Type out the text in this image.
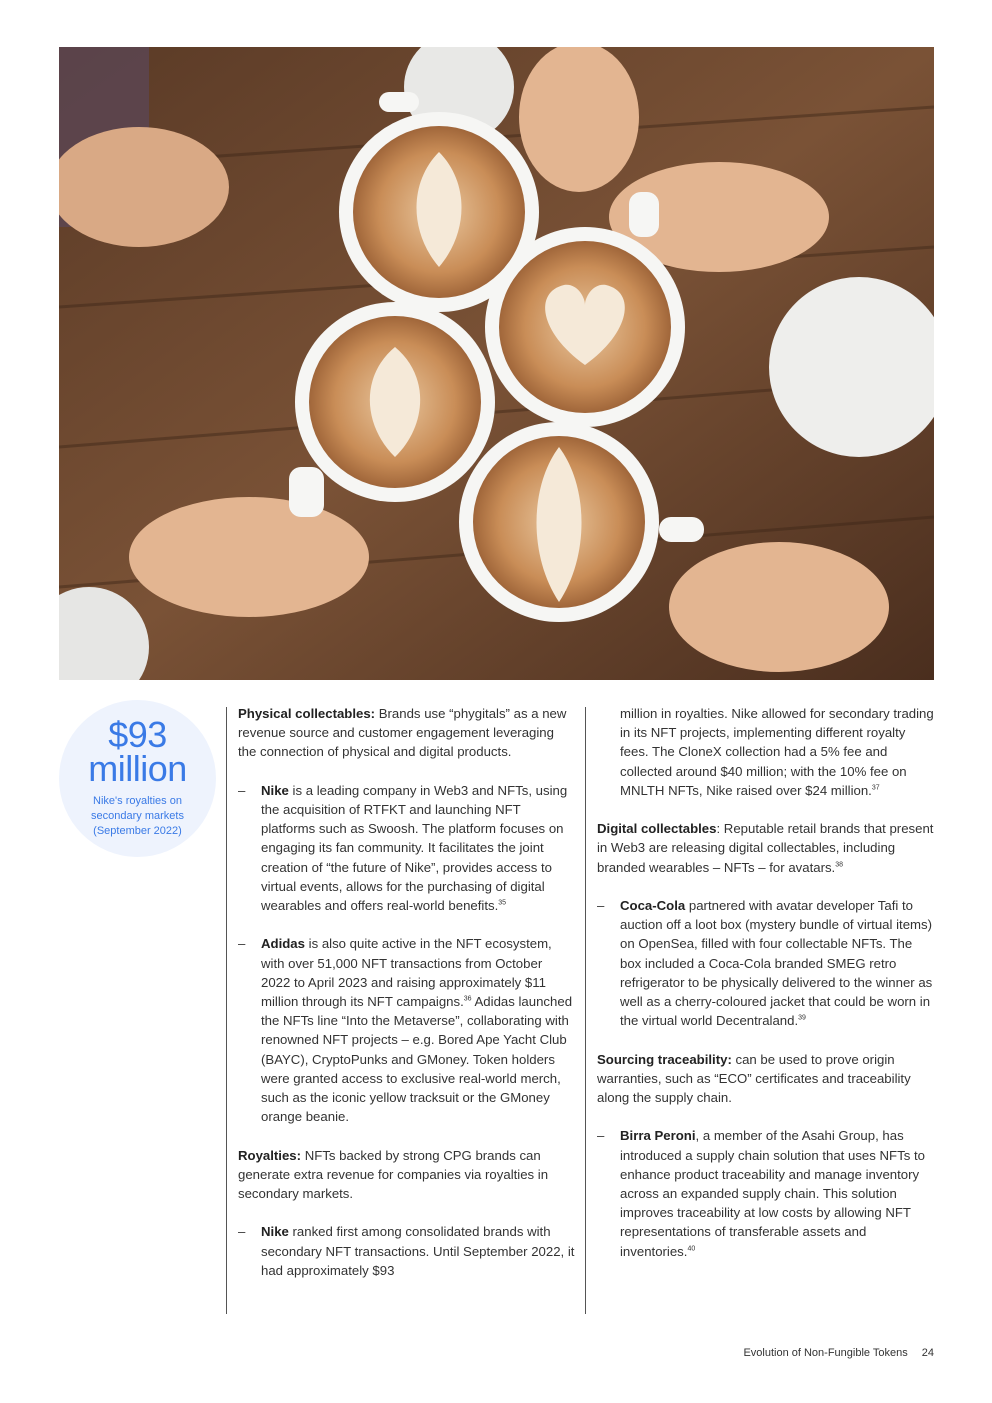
$93
million
Nike's royalties on secondary markets (September 2022)

Physical collectables: Brands use “phygitals” as a new revenue source and customer engagement leveraging the connection of physical and digital products.

– Nike is a leading company in Web3 and NFTs, using the acquisition of RTFKT and launching NFT platforms such as Swoosh. The platform focuses on engaging its fan community. It facilitates the joint creation of “the future of Nike”, provides access to virtual events, allows for the purchasing of digital wearables and offers real-world benefits.$^{35}$
– Adidas is also quite active in the NFT ecosystem, with over 51,000 NFT transactions from October 2022 to April 2023 and raising approximately $11 million through its NFT campaigns.$^{36}$ Adidas launched the NFTs line “Into the Metaverse”, collaborating with renowned NFT projects – e.g. Bored Ape Yacht Club (BAYC), CryptoPunks and GMoney. Token holders were granted access to exclusive real-world merch, such as the iconic yellow tracksuit or the GMoney orange beanie.

Royalties: NFTs backed by strong CPG brands can generate extra revenue for companies via royalties in secondary markets.

– Nike ranked first among consolidated brands with secondary NFT transactions. Until September 2022, it had approximately $93
million in royalties. Nike allowed for secondary trading in its NFT projects, implementing different royalty fees. The CloneX collection had a 5% fee and collected around $40 million; with the 10% fee on MNLTH NFTs, Nike raised over $24 million.$^{37}$

Digital collectables: Reputable retail brands that present in Web3 are releasing digital collectables, including branded wearables – NFTs – for avatars.$^{38}$

– Coca-Cola partnered with avatar developer Tafi to auction off a loot box (mystery bundle of virtual items) on OpenSea, filled with four collectable NFTs. The box included a Coca-Cola branded SMEG retro refrigerator to be physically delivered to the winner as well as a cherry-coloured jacket that could be worn in the virtual world Decentraland.$^{39}$

Sourcing traceability: can be used to prove origin warranties, such as “ECO” certificates and traceability along the supply chain.

– Birra Peroni, a member of the Asahi Group, has introduced a supply chain solution that uses NFTs to enhance product traceability and manage inventory across an expanded supply chain. This solution improves traceability at low costs by allowing NFT representations of transferable assets and inventories.$^{40}$
Evolution of Non-Fungible Tokens 24
